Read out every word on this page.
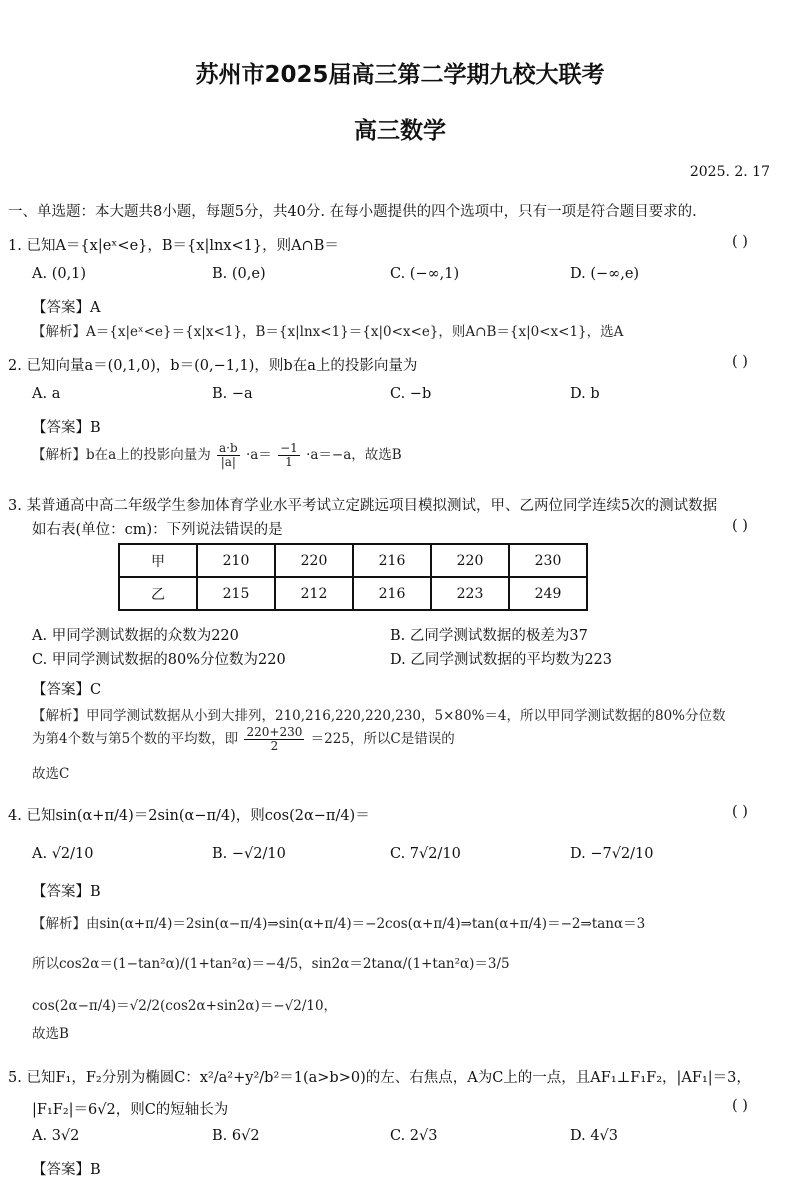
苏州市2025届高三第二学期九校大联考
高三数学
2025. 2. 17
一、单选题：本大题共8小题，每题5分，共40分. 在每小题提供的四个选项中，只有一项是符合题目要求的.
1. 已知A＝{x|eˣ<e}，B＝{x|lnx<1}，则A∩B＝	( )
A. (0,1)	B. (0,e)	C. (−∞,1)	D. (−∞,e)
【答案】A
【解析】A＝{x|eˣ<e}＝{x|x<1}，B＝{x|lnx<1}＝{x|0<x<e}，则A∩B＝{x|0<x<1}，选A
2. 已知向量a＝(0,1,0)，b＝(0,−1,1)，则b在a上的投影向量为	( )
A. a	B. −a	C. −b	D. b
【答案】B
【解析】b在a上的投影向量为 $\frac{a\cdot b}{|a|} \cdot a= \frac{-1}{1} \cdot a=-a$，故选B
3. 某普通高中高二年级学生参加体育学业水平考试立定跳远项目模拟测试，甲、乙两位同学连续5次的测试数据
如右表(单位：cm)：下列说法错误的是	( )
甲	210	220	216	220	230
乙	215	212	216	223	249
A. 甲同学测试数据的众数为220	B. 乙同学测试数据的极差为37
C. 甲同学测试数据的80%分位数为220	D. 乙同学测试数据的平均数为223
【答案】C
【解析】甲同学测试数据从小到大排列，210,216,220,220,230，5×80%＝4，所以甲同学测试数据的80%分位数
为第4个数与第5个数的平均数，即 $\frac{220+230}{2} =225$，所以C是错误的
故选C
4. 已知sin(α+π/4)＝2sin(α−π/4)，则cos(2α−π/4)＝	( )
A. √2/10	B. −√2/10	C. 7√2/10	D. −7√2/10
【答案】B
【解析】由sin(α+π/4)＝2sin(α−π/4)⇒sin(α+π/4)＝−2cos(α+π/4)⇒tan(α+π/4)＝−2⇒tanα＝3
所以cos2α＝(1−tan²α)/(1+tan²α)＝−4/5，sin2α＝2tanα/(1+tan²α)＝3/5
cos(2α−π/4)＝√2/2(cos2α+sin2α)＝−√2/10，
故选B
5. 已知F₁，F₂分别为椭圆C：x²/a²+y²/b²＝1(a>b>0)的左、右焦点，A为C上的一点，且AF₁⊥F₁F₂，|AF₁|＝3，
|F₁F₂|＝6√2，则C的短轴长为	( )
A. 3√2	B. 6√2	C. 2√3	D. 4√3
【答案】B
